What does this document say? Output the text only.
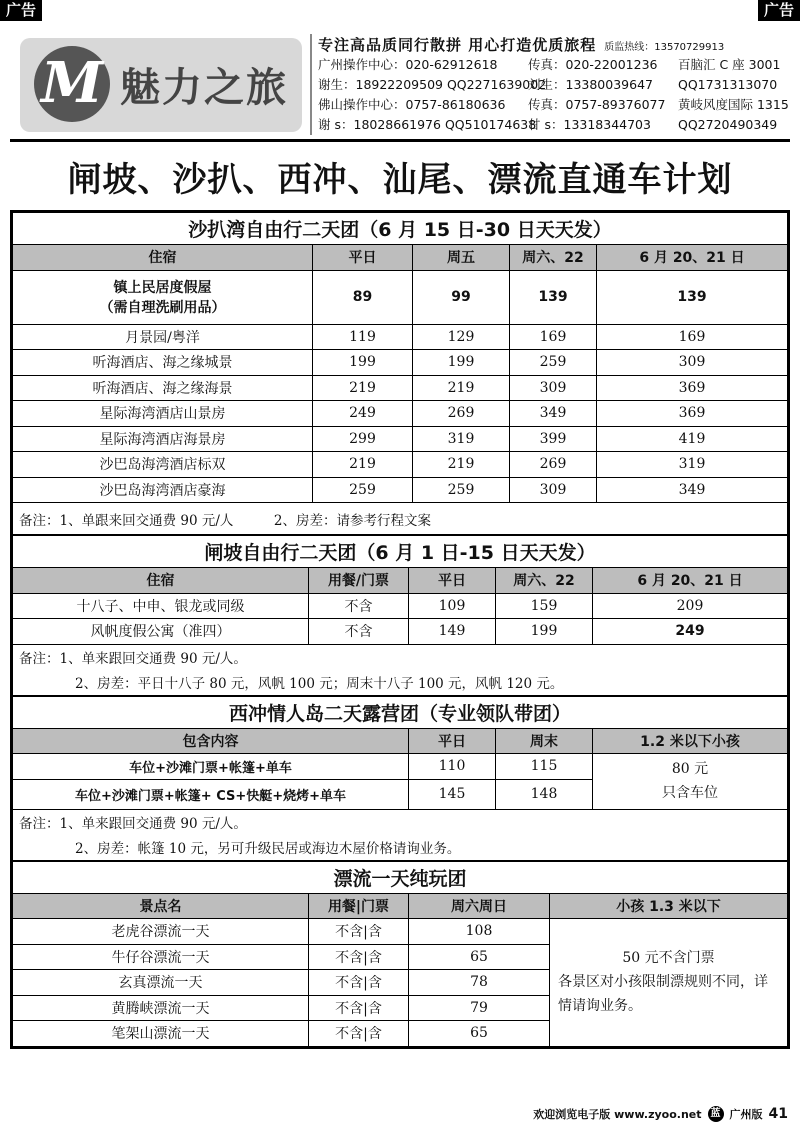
广告	广告
M 魅力之旅
专注高品质同行散拼 用心打造优质旅程 质监热线：13570729913
广州操作中心：020-62912618	传真：020-22001236	百脑汇 C 座 3001
谢生：18922209509 QQ2271639002
刘生：13380039647	QQ1731313070
佛山操作中心：0757-86180636	传真：0757-89376077	黄岐风度国际 1315
谢 s：18028661976 QQ510174638
甘 s：13318344703	QQ2720490349
闸坡、沙扒、西冲、汕尾、漂流直通车计划
沙扒湾自由行二天团（6 月 15 日-30 日天天发）				
住宿	平日	周五	周六、22	6 月 20、21 日

镇上民居度假屋
（需自理洗刷用品）	89	99	139	139
月景园/粤洋	119	129	169	169
听海酒店、海之缘城景	199	199	259	309
听海酒店、海之缘海景	219	219	309	369
星际海湾酒店山景房	249	269	349	369
星际海湾酒店海景房	299	319	399	419
沙巴岛海湾酒店标双	219	219	269	319
沙巴岛海湾酒店豪海	259	259	309	349
备注：1、单跟来回交通费 90 元/人　　　2、房差：请参考行程文案				
闸坡自由行二天团（6 月 1 日-15 日天天发）				
住宿	用餐/门票	平日	周六、22	6 月 20、21 日
十八子、中申、银龙或同级	不含	109	159	209
风帆度假公寓（准四）	不含	149	199	249
备注：1、单来跟回交通费 90 元/人。				
2、房差：平日十八子 80 元，风帆 100 元；周末十八子 100 元，风帆 120 元。				
西冲情人岛二天露营团（专业领队带团）			
包含内容	平日	周末	1.2 米以下小孩
车位+沙滩门票+帐篷+单车	110	115	80 元
只含车位

车位+沙滩门票+帐篷+ CS+快艇+烧烤+单车	145	148	
备注：1、单来跟回交通费 90 元/人。			
2、房差：帐篷 10 元，另可升级民居或海边木屋价格请询业务。			
漂流一天纯玩团			
景点名	用餐|门票	周六周日	小孩 1.3 米以下
老虎谷漂流一天	不含|含	108	50 元不含门票
各景区对小孩限制漂规则不同，详情请询业务。

牛仔谷漂流一天	不含|含	65	
玄真漂流一天	不含|含	78	
黄腾峡漂流一天	不含|含	79	
笔架山漂流一天	不含|含	65	
欢迎浏览电子版 www.zyoo.net 蓝 广州版 41
